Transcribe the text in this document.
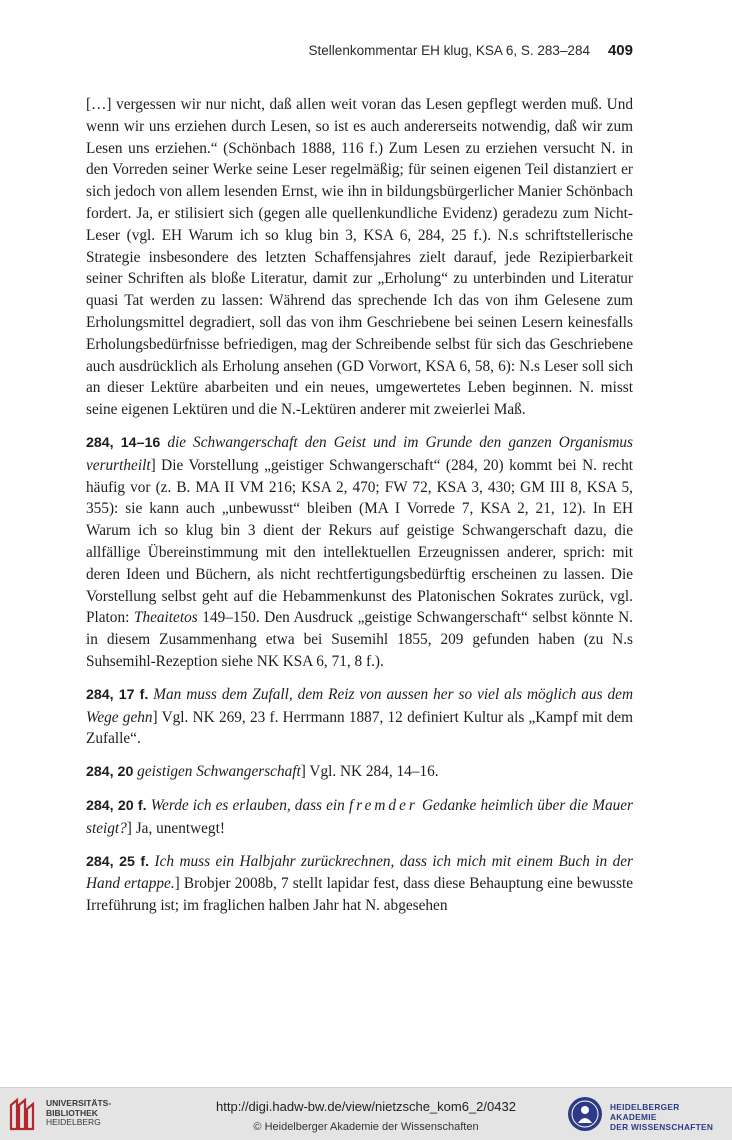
Stellenkommentar EH klug, KSA 6, S. 283–284 409

[…] vergessen wir nur nicht, daß allen weit voran das Lesen gepflegt werden muß. Und wenn wir uns erziehen durch Lesen, so ist es auch andererseits notwendig, daß wir zum Lesen uns erziehen.“ (Schönbach 1888, 116 f.) Zum Lesen zu erziehen versucht N. in den Vorreden seiner Werke seine Leser regelmäßig; für seinen eigenen Teil distanziert er sich jedoch von allem lesenden Ernst, wie ihn in bildungsbürgerlicher Manier Schönbach fordert. Ja, er stilisiert sich (gegen alle quellenkundliche Evidenz) geradezu zum Nicht-Leser (vgl. EH Warum ich so klug bin 3, KSA 6, 284, 25 f.). N.s schriftstellerische Strategie insbesondere des letzten Schaffensjahres zielt darauf, jede Rezipierbarkeit seiner Schriften als bloße Literatur, damit zur „Erholung“ zu unterbinden und Literatur quasi Tat werden zu lassen: Während das sprechende Ich das von ihm Gelesene zum Erholungsmittel degradiert, soll das von ihm Geschriebene bei seinen Lesern keinesfalls Erholungsbedürfnisse befriedigen, mag der Schreibende selbst für sich das Geschriebene auch ausdrücklich als Erholung ansehen (GD Vorwort, KSA 6, 58, 6): N.s Leser soll sich an dieser Lektüre abarbeiten und ein neues, umgewertetes Leben beginnen. N. misst seine eigenen Lektüren und die N.-Lektüren anderer mit zweierlei Maß.

284, 14–16 die Schwangerschaft den Geist und im Grunde den ganzen Organismus verurtheilt] Die Vorstellung „geistiger Schwangerschaft“ (284, 20) kommt bei N. recht häufig vor (z. B. MA II VM 216; KSA 2, 470; FW 72, KSA 3, 430; GM III 8, KSA 5, 355): sie kann auch „unbewusst“ bleiben (MA I Vorrede 7, KSA 2, 21, 12). In EH Warum ich so klug bin 3 dient der Rekurs auf geistige Schwangerschaft dazu, die allfällige Übereinstimmung mit den intellektuellen Erzeugnissen anderer, sprich: mit deren Ideen und Büchern, als nicht rechtfertigungsbedürftig erscheinen zu lassen. Die Vorstellung selbst geht auf die Hebammenkunst des Platonischen Sokrates zurück, vgl. Platon: Theaitetos 149–150. Den Ausdruck „geistige Schwangerschaft“ selbst könnte N. in diesem Zusammenhang etwa bei Susemihl 1855, 209 gefunden haben (zu N.s Suhsemihl-Rezeption siehe NK KSA 6, 71, 8 f.).

284, 17 f. Man muss dem Zufall, dem Reiz von aussen her so viel als möglich aus dem Wege gehn] Vgl. NK 269, 23 f. Herrmann 1887, 12 definiert Kultur als „Kampf mit dem Zufalle“.

284, 20 geistigen Schwangerschaft] Vgl. NK 284, 14–16.

284, 20 f. Werde ich es erlauben, dass ein fremder Gedanke heimlich über die Mauer steigt?] Ja, unentwegt!

284, 25 f. Ich muss ein Halbjahr zurückrechnen, dass ich mich mit einem Buch in der Hand ertappe.] Brobjer 2008b, 7 stellt lapidar fest, dass diese Behauptung eine bewusste Irreführung ist; im fraglichen halben Jahr hat N. abgesehen

UNIVERSITÄTS-
BIBLIOTHEK
HEIDELBERG
http://digi.hadw-bw.de/view/nietzsche_kom6_2/0432
© Heidelberger Akademie der Wissenschaften
HEIDELBERGER AKADEMIE
DER WISSENSCHAFTEN
